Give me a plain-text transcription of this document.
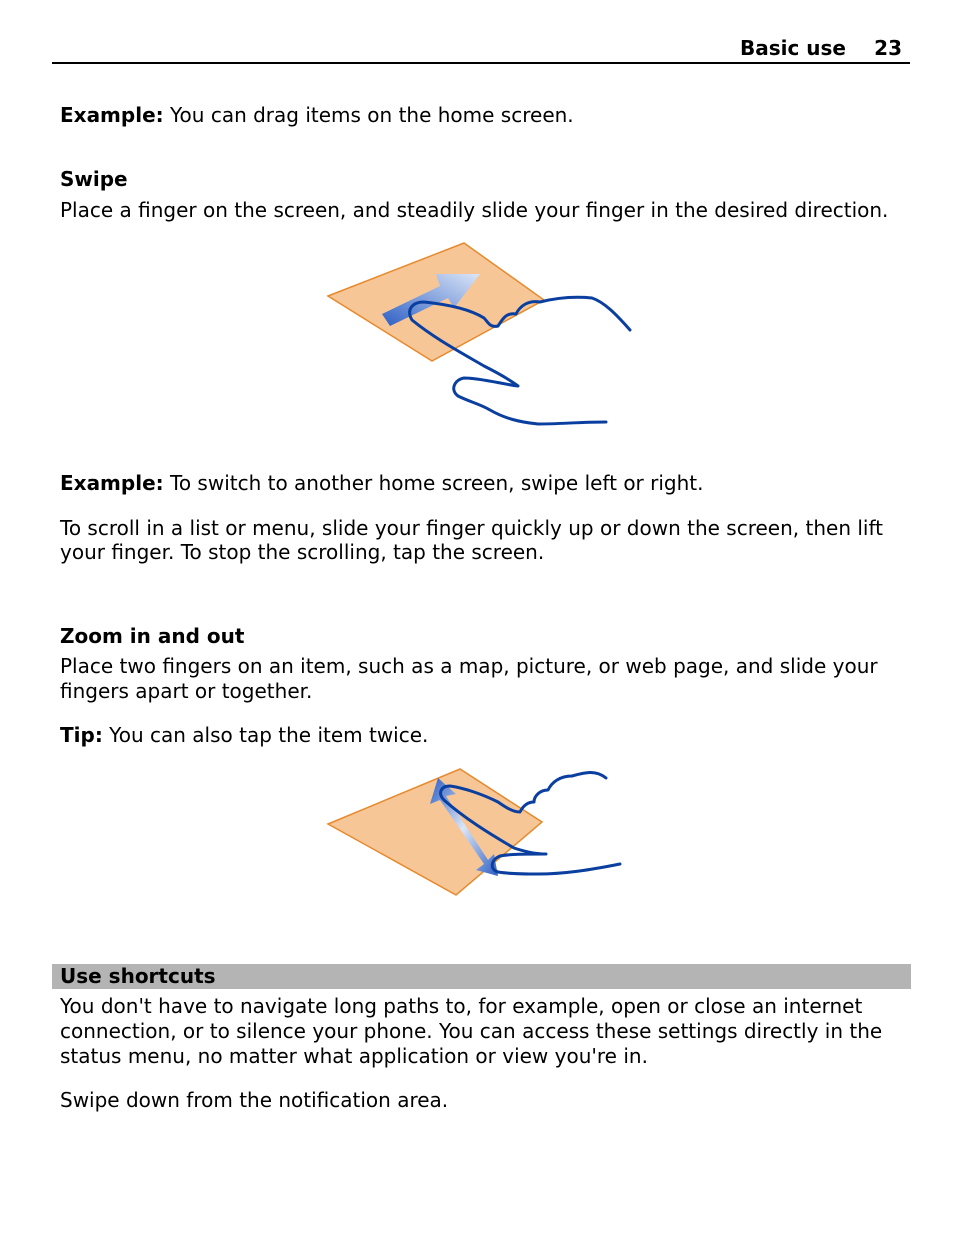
Basic use 23
Example: You can drag items on the home screen.
Swipe
Place a finger on the screen, and steadily slide your finger in the desired direction.
Example: To switch to another home screen, swipe left or right.
To scroll in a list or menu, slide your finger quickly up or down the screen, then lift
your finger. To stop the scrolling, tap the screen.
Zoom in and out
Place two fingers on an item, such as a map, picture, or web page, and slide your
fingers apart or together.
Tip: You can also tap the item twice.
Use shortcuts
You don't have to navigate long paths to, for example, open or close an internet
connection, or to silence your phone. You can access these settings directly in the
status menu, no matter what application or view you're in.
Swipe down from the notification area.
